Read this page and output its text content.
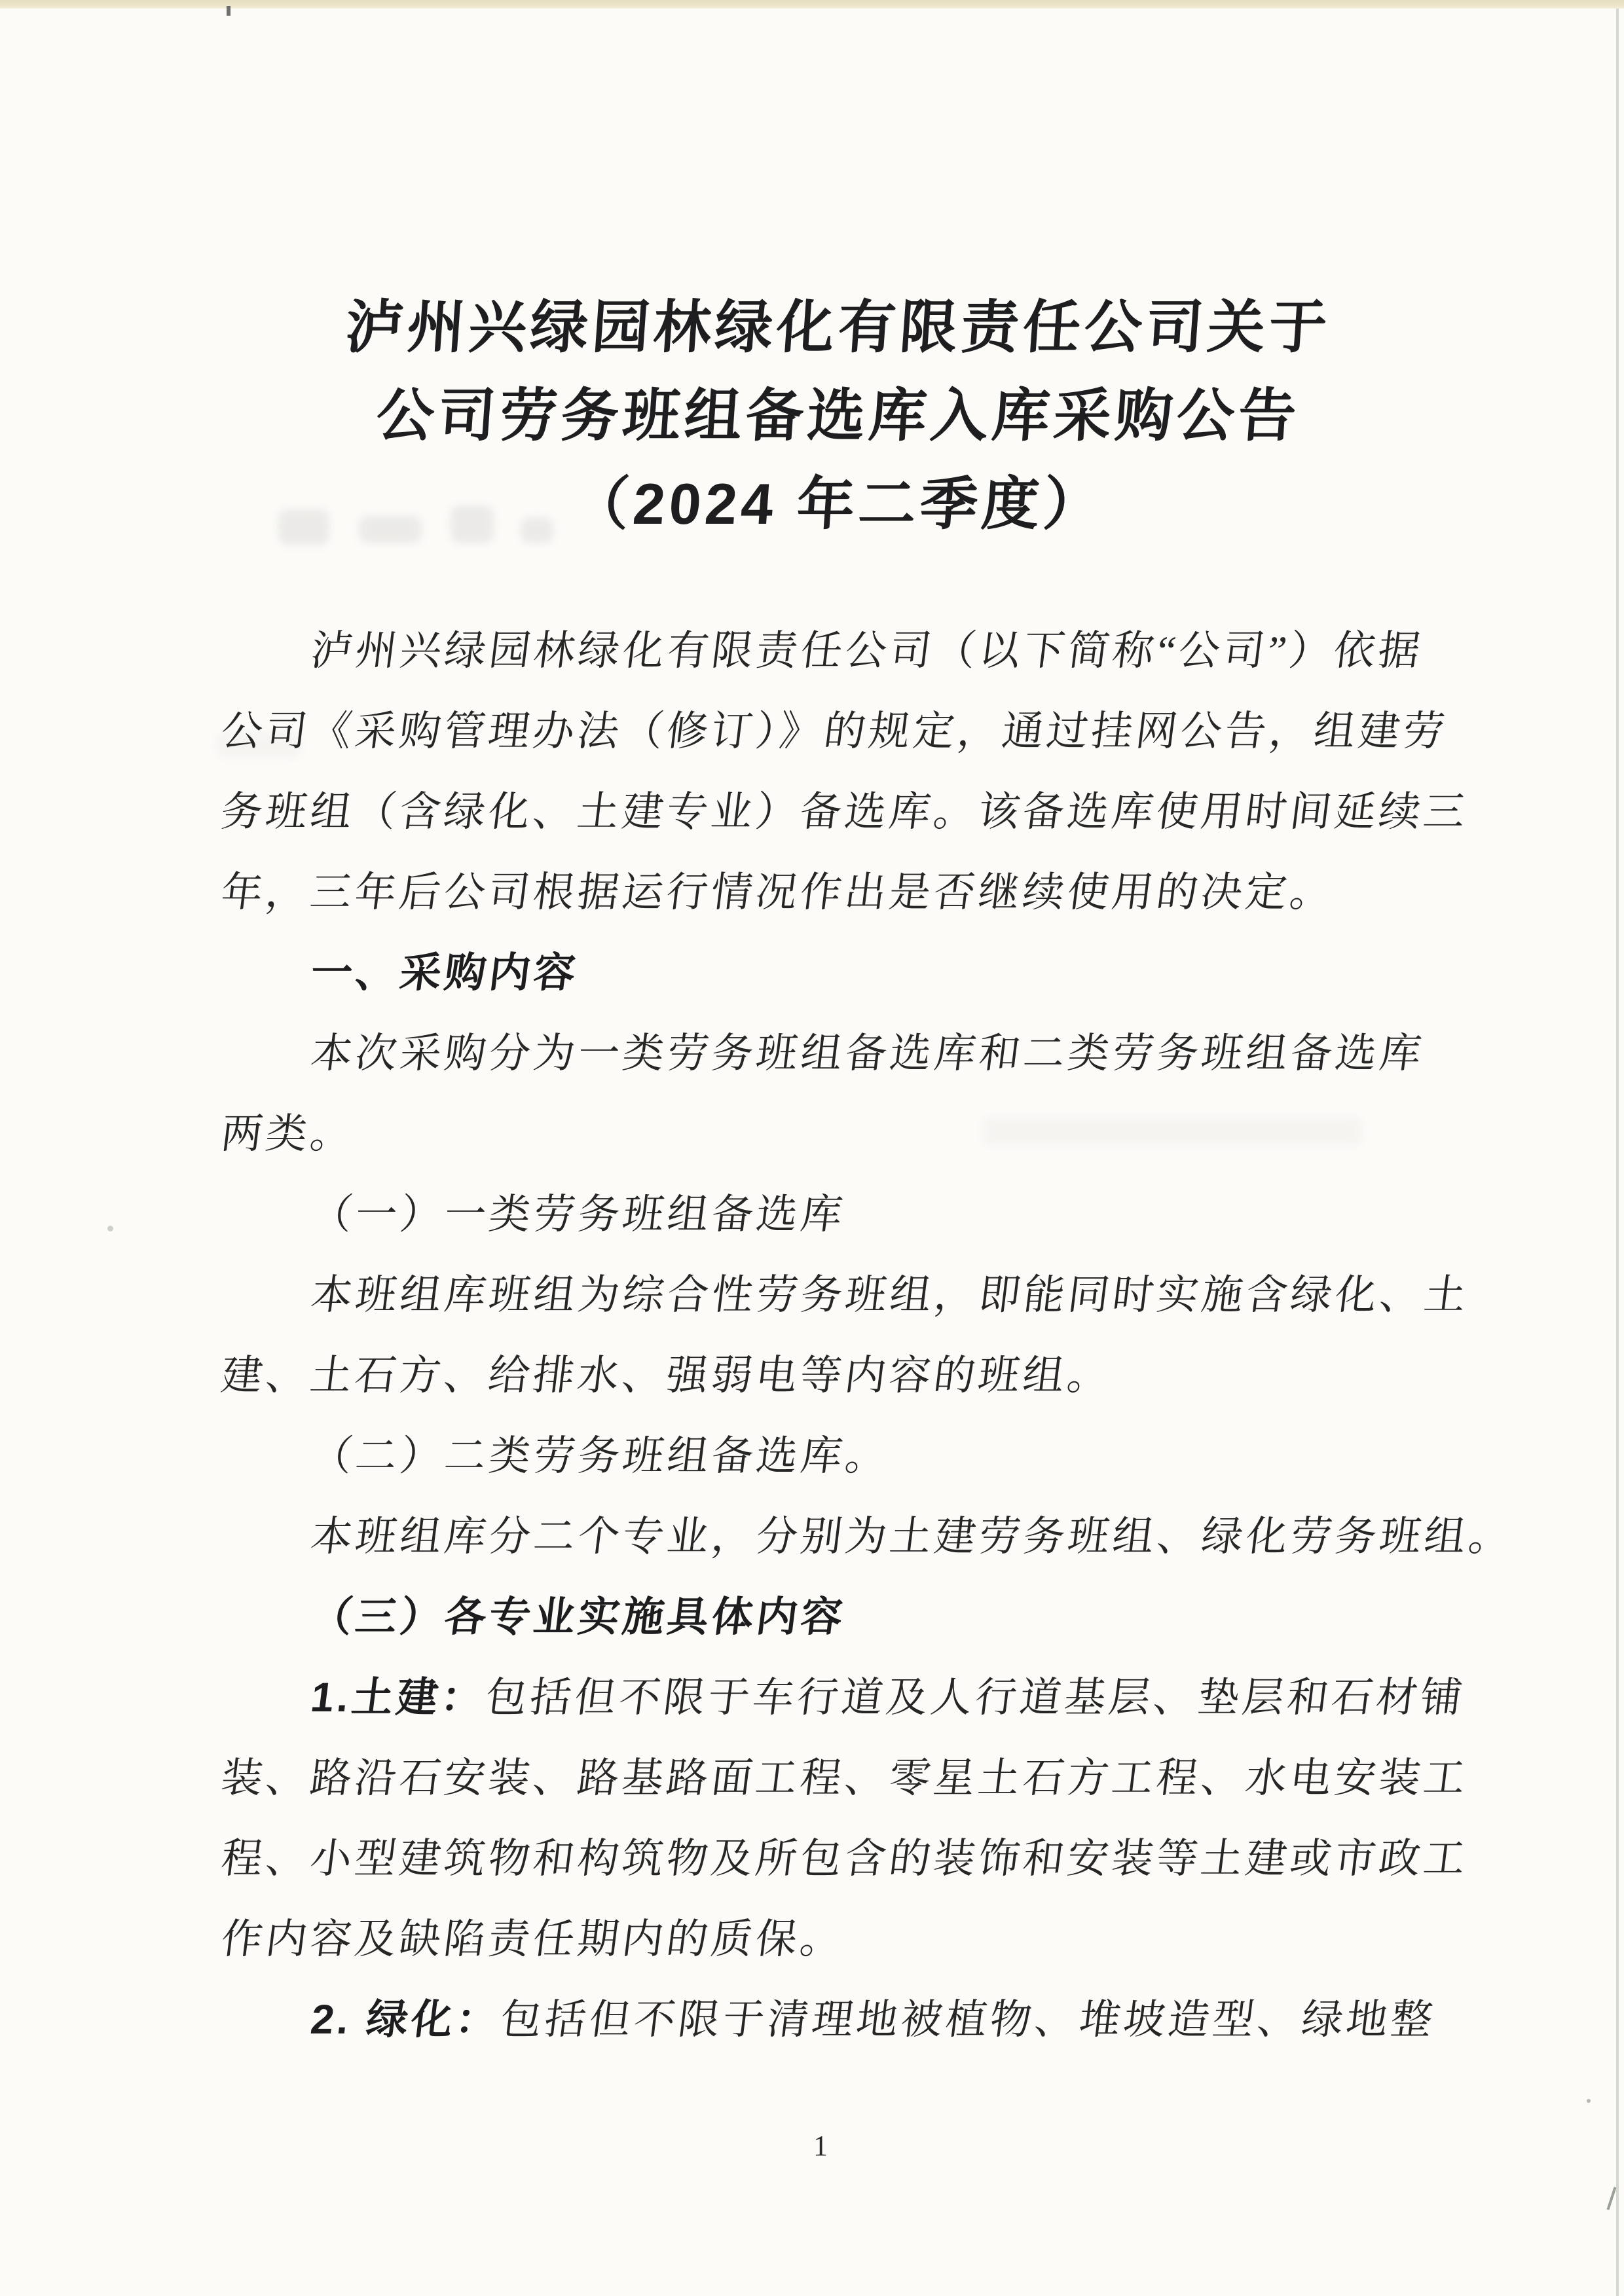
泸州兴绿园林绿化有限责任公司关于
公司劳务班组备选库入库采购公告
（2024 年二季度）
泸州兴绿园林绿化有限责任公司（以下简称“公司”）依据
公司《采购管理办法（修订）》的规定，通过挂网公告，组建劳
务班组（含绿化、土建专业）备选库。该备选库使用时间延续三
年，三年后公司根据运行情况作出是否继续使用的决定。
一、采购内容
本次采购分为一类劳务班组备选库和二类劳务班组备选库
两类。
（一）一类劳务班组备选库
本班组库班组为综合性劳务班组，即能同时实施含绿化、土
建、土石方、给排水、强弱电等内容的班组。
（二）二类劳务班组备选库。
本班组库分二个专业，分别为土建劳务班组、绿化劳务班组。
（三）各专业实施具体内容
1.土建：包括但不限于车行道及人行道基层、垫层和石材铺
装、路沿石安装、路基路面工程、零星土石方工程、水电安装工
程、小型建筑物和构筑物及所包含的装饰和安装等土建或市政工
作内容及缺陷责任期内的质保。
2. 绿化：包括但不限于清理地被植物、堆坡造型、绿地整
1
